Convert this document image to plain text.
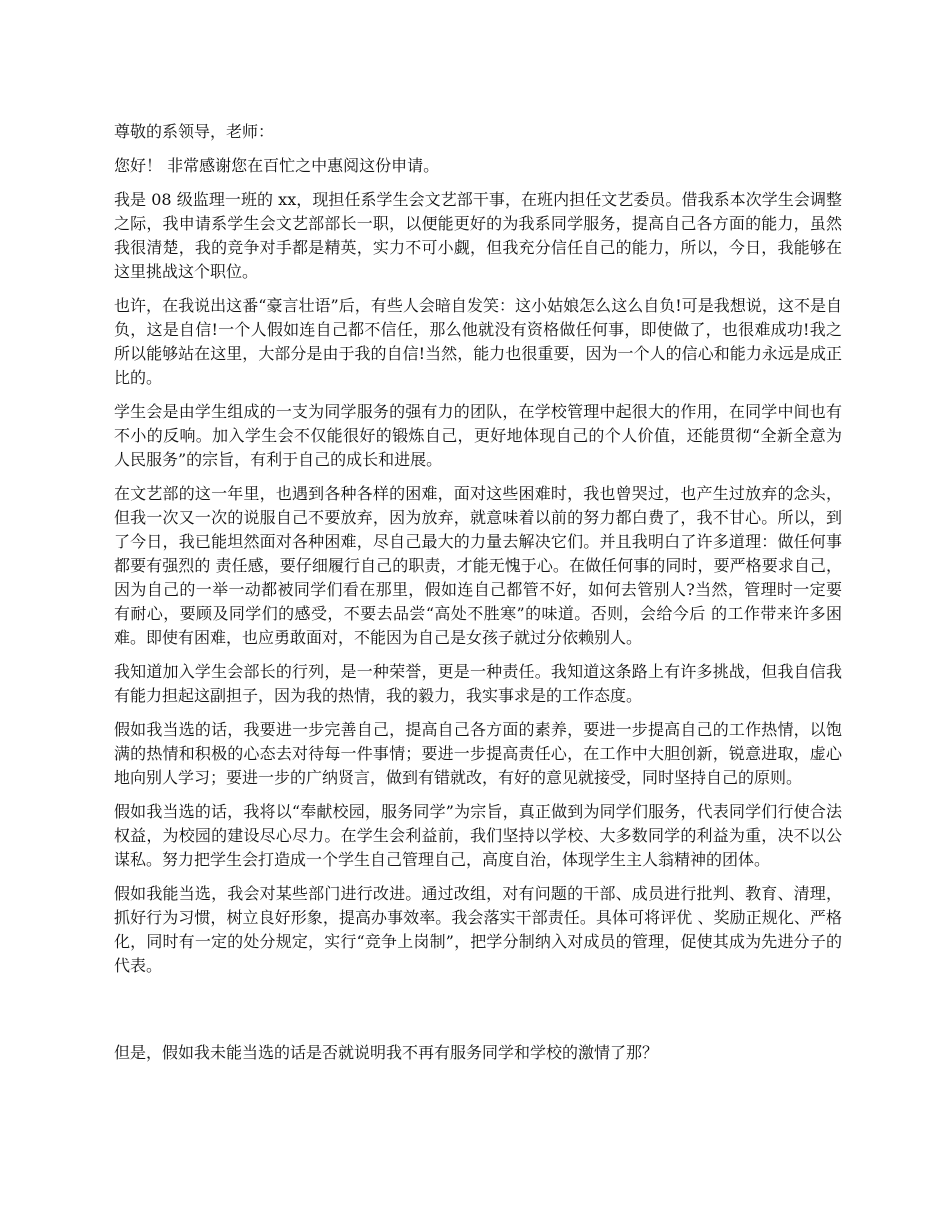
尊敬的系领导，老师：

您好！ 非常感谢您在百忙之中惠阅这份申请。

我是 08 级监理一班的 xx，现担任系学生会文艺部干事，在班内担任文艺委员。借我系本次学生会调整之际，我申请系学生会文艺部部长一职，以便能更好的为我系同学服务，提高自己各方面的能力，虽然我很清楚，我的竞争对手都是精英，实力不可小觑，但我充分信任自己的能力，所以，今日，我能够在这里挑战这个职位。

也许，在我说出这番“豪言壮语”后，有些人会暗自发笑：这小姑娘怎么这么自负!可是我想说，这不是自负，这是自信!一个人假如连自己都不信任，那么他就没有资格做任何事，即使做了，也很难成功!我之所以能够站在这里，大部分是由于我的自信!当然，能力也很重要，因为一个人的信心和能力永远是成正比的。

学生会是由学生组成的一支为同学服务的强有力的团队，在学校管理中起很大的作用，在同学中间也有不小的反响。加入学生会不仅能很好的锻炼自己，更好地体现自己的个人价值，还能贯彻“全新全意为人民服务”的宗旨，有利于自己的成长和进展。

在文艺部的这一年里，也遇到各种各样的困难，面对这些困难时，我也曾哭过，也产生过放弃的念头，但我一次又一次的说服自己不要放弃，因为放弃，就意味着以前的努力都白费了，我不甘心。所以，到了今日，我已能坦然面对各种困难，尽自己最大的力量去解决它们。并且我明白了许多道理：做任何事都要有强烈的 责任感，要仔细履行自己的职责，才能无愧于心。在做任何事的同时，要严格要求自己，因为自己的一举一动都被同学们看在那里，假如连自己都管不好，如何去管别人?当然，管理时一定要有耐心，要顾及同学们的感受，不要去品尝“高处不胜寒”的味道。否则，会给今后 的工作带来许多困难。即使有困难，也应勇敢面对，不能因为自己是女孩子就过分依赖别人。

我知道加入学生会部长的行列，是一种荣誉，更是一种责任。我知道这条路上有许多挑战，但我自信我有能力担起这副担子，因为我的热情，我的毅力，我实事求是的工作态度。

假如我当选的话，我要进一步完善自己，提高自己各方面的素养，要进一步提高自己的工作热情，以饱满的热情和积极的心态去对待每一件事情；要进一步提高责任心，在工作中大胆创新，锐意进取，虚心地向别人学习；要进一步的广纳贤言，做到有错就改，有好的意见就接受，同时坚持自己的原则。

假如我当选的话，我将以“奉献校园，服务同学”为宗旨，真正做到为同学们服务，代表同学们行使合法权益，为校园的建设尽心尽力。在学生会利益前，我们坚持以学校、大多数同学的利益为重，决不以公谋私。努力把学生会打造成一个学生自己管理自己，高度自治，体现学生主人翁精神的团体。

假如我能当选，我会对某些部门进行改进。通过改组，对有问题的干部、成员进行批判、教育、清理，抓好行为习惯，树立良好形象，提高办事效率。我会落实干部责任。具体可将评优 、奖励正规化、严格化，同时有一定的处分规定，实行“竞争上岗制”，把学分制纳入对成员的管理，促使其成为先进分子的代表。

但是，假如我未能当选的话是否就说明我不再有服务同学和学校的激情了那？
